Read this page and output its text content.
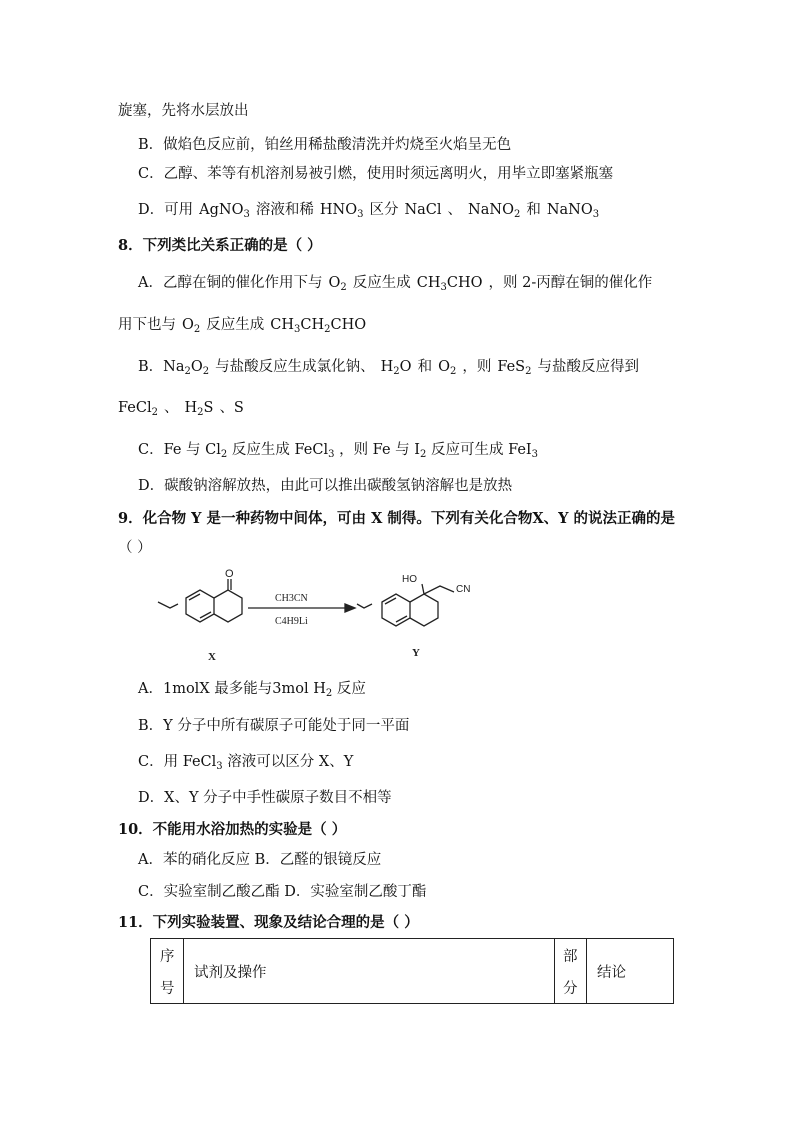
旋塞，先将水层放出
B．做焰色反应前，铂丝用稀盐酸清洗并灼烧至火焰呈无色
C．乙醇、苯等有机溶剂易被引燃，使用时须远离明火，用毕立即塞紧瓶塞
D．可用 AgNO$_3$ 溶液和稀 $HNO_3$ 区分 NaCl 、 NaNO$_2$ 和 NaNO$_3$
8．下列类比关系正确的是（ ）
A．乙醇在铜的催化作用下与 $O_2$ 反应生成 $CH_3CHO$ ，则 2-丙醇在铜的催化作
用下也与 $O_2$ 反应生成 $CH_3CH_2CHO$
B．$Na_2O_2$ 与盐酸反应生成氯化钠、 $H_2O$ 和 $O_2$ ，则 FeS$_2$ 与盐酸反应得到
FeCl$_2$ 、 $H_2S$ 、S
C．Fe 与 $Cl_2$ 反应生成 FeCl$_3$ ，则 Fe 与 $I_2$ 反应可生成 FeI$_3$
D．碳酸钠溶解放热，由此可以推出碳酸氢钠溶解也是放热
9．化合物 Y 是一种药物中间体，可由 X 制得。下列有关化合物X、Y 的说法正确的是
（ ）
O
CH3CN
C4H9Li
X
HO
CN
Y
A．1molX 最多能与3mol $H_2$ 反应
B．Y 分子中所有碳原子可能处于同一平面
C．用 FeCl$_3$ 溶液可以区分 X、Y
D．X、Y 分子中手性碳原子数目不相等
10．不能用水浴加热的实验是（ ）
A．苯的硝化反应 B．乙醛的银镜反应
C．实验室制乙酸乙酯 D．实验室制乙酸丁酯
11．下列实验装置、现象及结论合理的是（ ）
序
号
试剂及操作
部
分
结论
